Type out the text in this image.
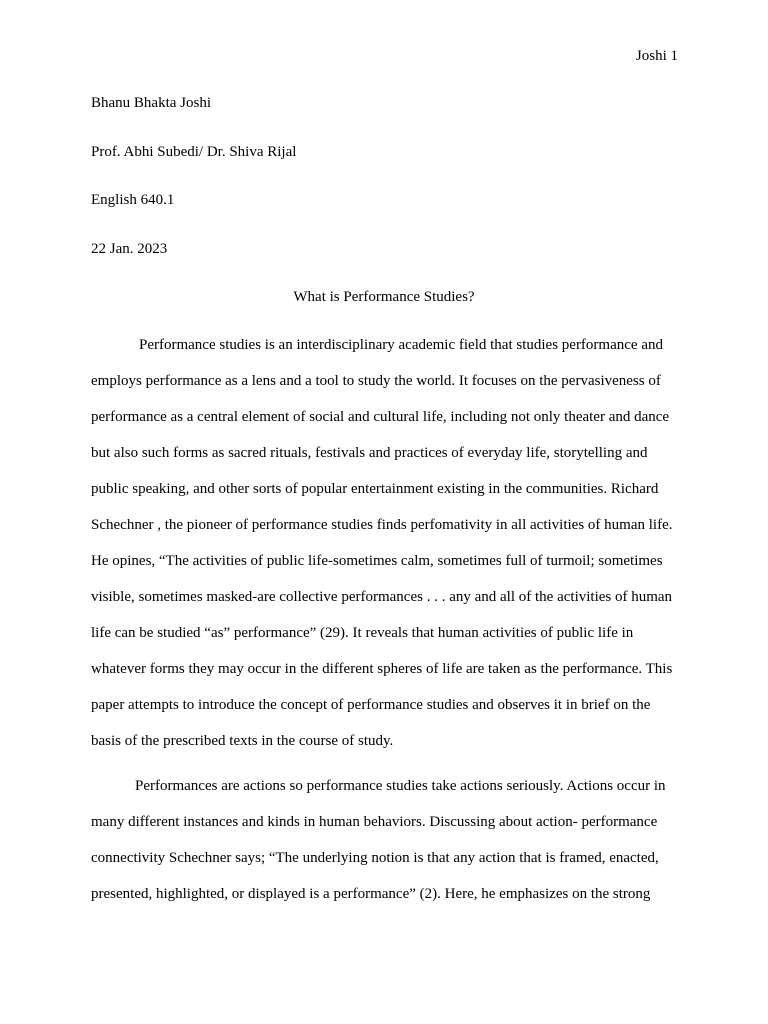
Joshi 1
Bhanu Bhakta Joshi
Prof. Abhi Subedi/ Dr. Shiva Rijal
English 640.1
22 Jan. 2023
What is Performance Studies?

Performance studies is an interdisciplinary academic field that studies performance and
employs performance as a lens and a tool to study the world. It focuses on the pervasiveness of
performance as a central element of social and cultural life, including not only theater and dance
but also such forms as sacred rituals, festivals and practices of everyday life, storytelling and
public speaking, and other sorts of popular entertainment existing in the communities. Richard
Schechner , the pioneer of performance studies finds perfomativity in all activities of human life.
He opines, “The activities of public life-sometimes calm, sometimes full of turmoil; sometimes
visible, sometimes masked-are collective performances . . . any and all of the activities of human
life can be studied “as” performance” (29). It reveals that human activities of public life in
whatever forms they may occur in the different spheres of life are taken as the performance. This
paper attempts to introduce the concept of performance studies and observes it in brief on the
basis of the prescribed texts in the course of study.

Performances are actions so performance studies take actions seriously. Actions occur in
many different instances and kinds in human behaviors. Discussing about action- performance
connectivity Schechner says; “The underlying notion is that any action that is framed, enacted,
presented, highlighted, or displayed is a performance” (2). Here, he emphasizes on the strong
